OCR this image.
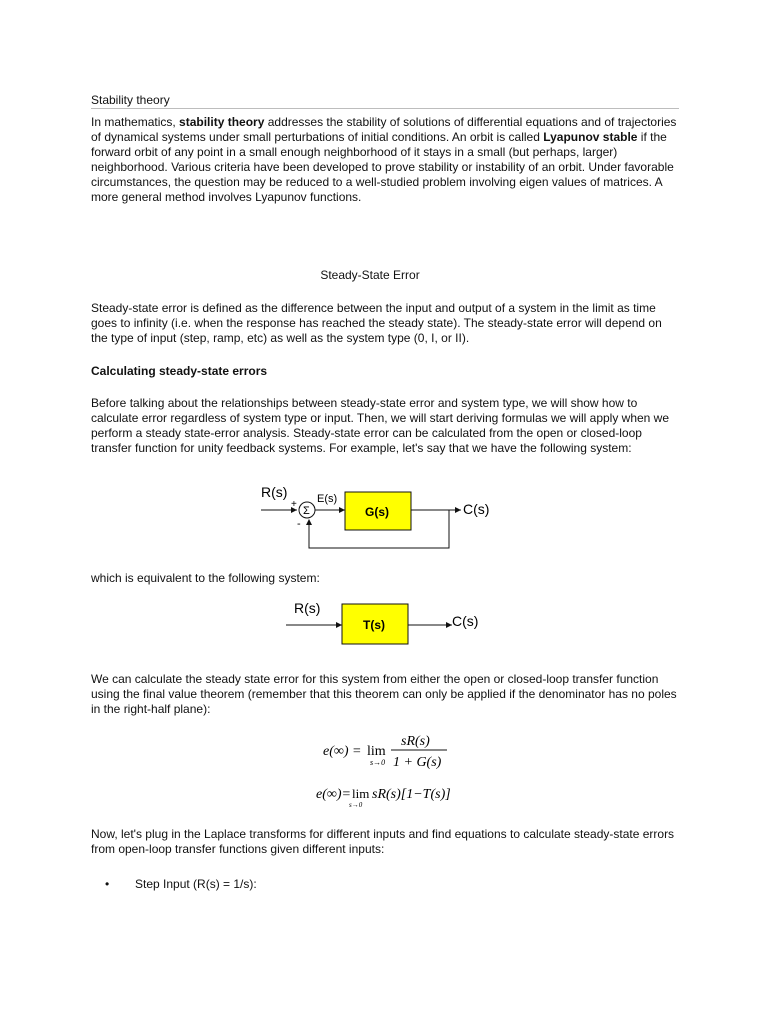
Stability theory

In mathematics, stability theory addresses the stability of solutions of differential equations and of trajectories of dynamical systems under small perturbations of initial conditions. An orbit is called Lyapunov stable if the forward orbit of any point in a small enough neighborhood of it stays in a small (but perhaps, larger) neighborhood. Various criteria have been developed to prove stability or instability of an orbit. Under favorable circumstances, the question may be reduced to a well-studied problem involving eigen values of matrices. A more general method involves Lyapunov functions.

Steady-State Error

Steady-state error is defined as the difference between the input and output of a system in the limit as time goes to infinity (i.e. when the response has reached the steady state). The steady-state error will depend on the type of input (step, ramp, etc) as well as the system type (0, I, or II).

Calculating steady-state errors

Before talking about the relationships between steady-state error and system type, we will show how to calculate error regardless of system type or input. Then, we will start deriving formulas we will apply when we perform a steady state-error analysis. Steady-state error can be calculated from the open or closed-loop transfer function for unity feedback systems. For example, let's say that we have the following system:

R(s)
+
Σ
-
E(s)
G(s)	C(s)

which is equivalent to the following system:

R(s)
T(s)	C(s)

We can calculate the steady state error for this system from either the open or closed-loop transfer function using the final value theorem (remember that this theorem can only be applied if the denominator has no poles in the right-half plane):

e(∞) = lim
s→0
sR(s)
1 + G(s)
e(∞)= lim
s→0
sR(s)[1−T(s)]

Now, let's plug in the Laplace transforms for different inputs and find equations to calculate steady-state errors from open-loop transfer functions given different inputs:

•	Step Input (R(s) = 1/s):
